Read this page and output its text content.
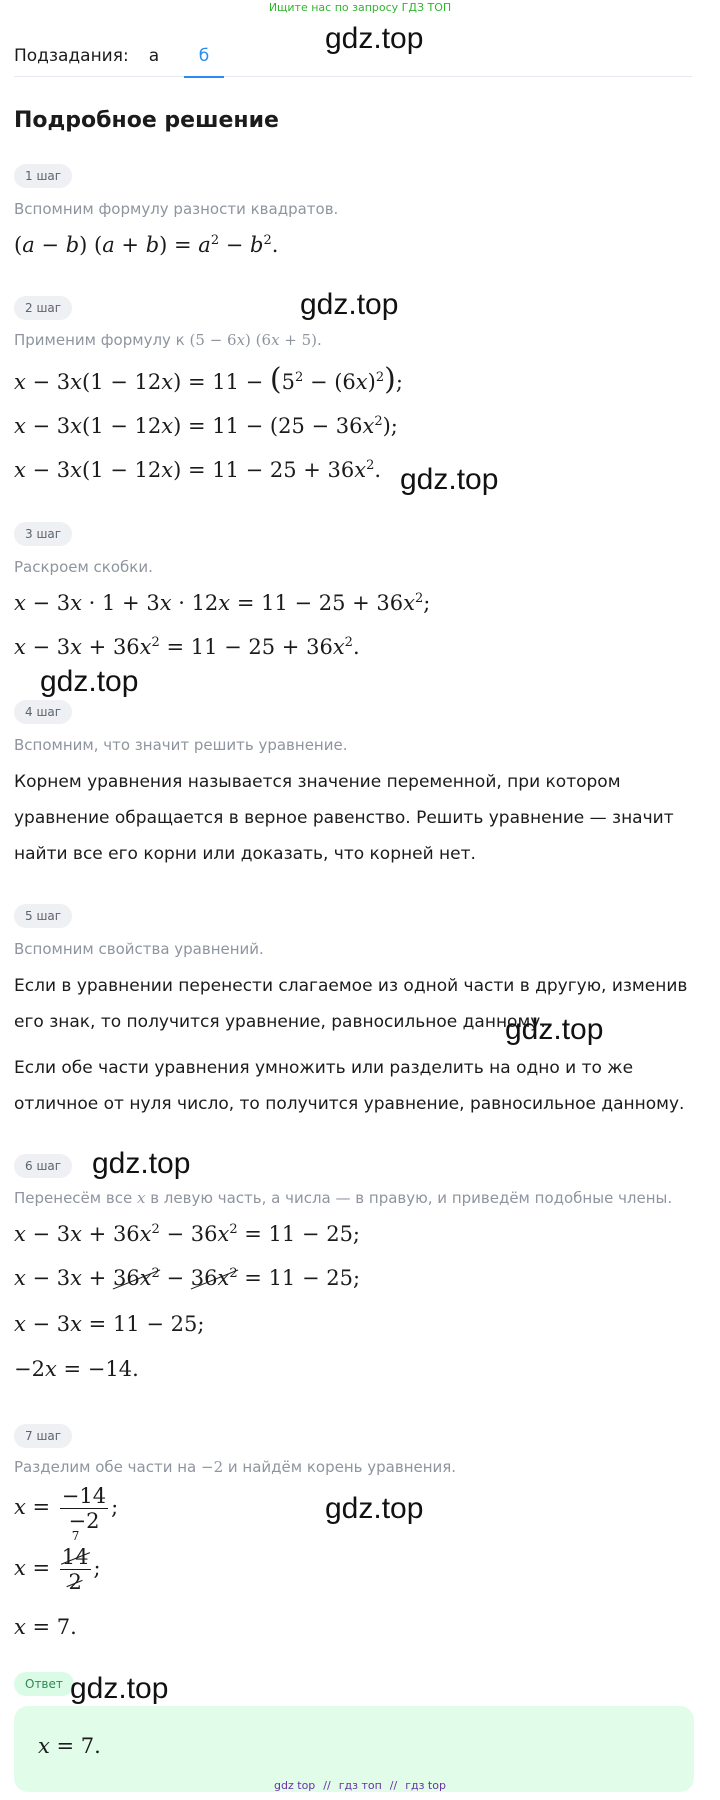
Ищите нас по запросу ГДЗ ТОП
Подзадания:	а	б
gdz.top
Подробное решение
1 шаг
Вспомним формулу разности квадратов.
(a − b) $(a + b) = a^2 - b^2$.
2 шаг	gdz.top
Применим формулу к (5 − 6x) (6x + 5).
$x - 3x(1 - 12x) = 11 - (5^2 - (6x)^2)$;
$x - 3x(1 - 12x) = 11 - (25 - 36x^2)$;
$x - 3x(1 - 12x) = 11 - 25 + 36x^2$. gdz.top
3 шаг
Раскроем скобки.
$x - 3x \cdot 1 + 3x \cdot 12x = 11 - 25 + 36x^2$;
$x - 3x + 36x^2 = 11 - 25 + 36x^2$.
gdz.top
4 шаг
Вспомним, что значит решить уравнение.
Корнем уравнения называется значение переменной, при котором уравнение обращается в верное равенство. Решить уравнение — значит найти все его корни или доказать, что корней нет.
5 шаг
Вспомним свойства уравнений.
Если в уравнении перенести слагаемое из одной части в другую, изменив его знак, то получится уравнение, равносильное данному.
gdz.top
Если обе части уравнения умножить или разделить на одно и то же отличное от нуля число, то получится уравнение, равносильное данному.
6 шаг	gdz.top
Перенесём все x в левую часть, а числа — в правую, и приведём подобные члены.
$x - 3x + 36x^2 - 36x^2 = 11 - 25$;
$x - 3x + 36x^2 - 36x^2 = 11 - 25$;
x − 3x = 11 − 25;
−2x = −14.
7 шаг
Разделим обе части на −2 и найдём корень уравнения.
$x = \frac{-14}{-2}$ ;	gdz.top
x = 7
14
2 ;
x = 7.
Ответ gdz.top
x = 7.
gdz top // гдз топ // гдз top
